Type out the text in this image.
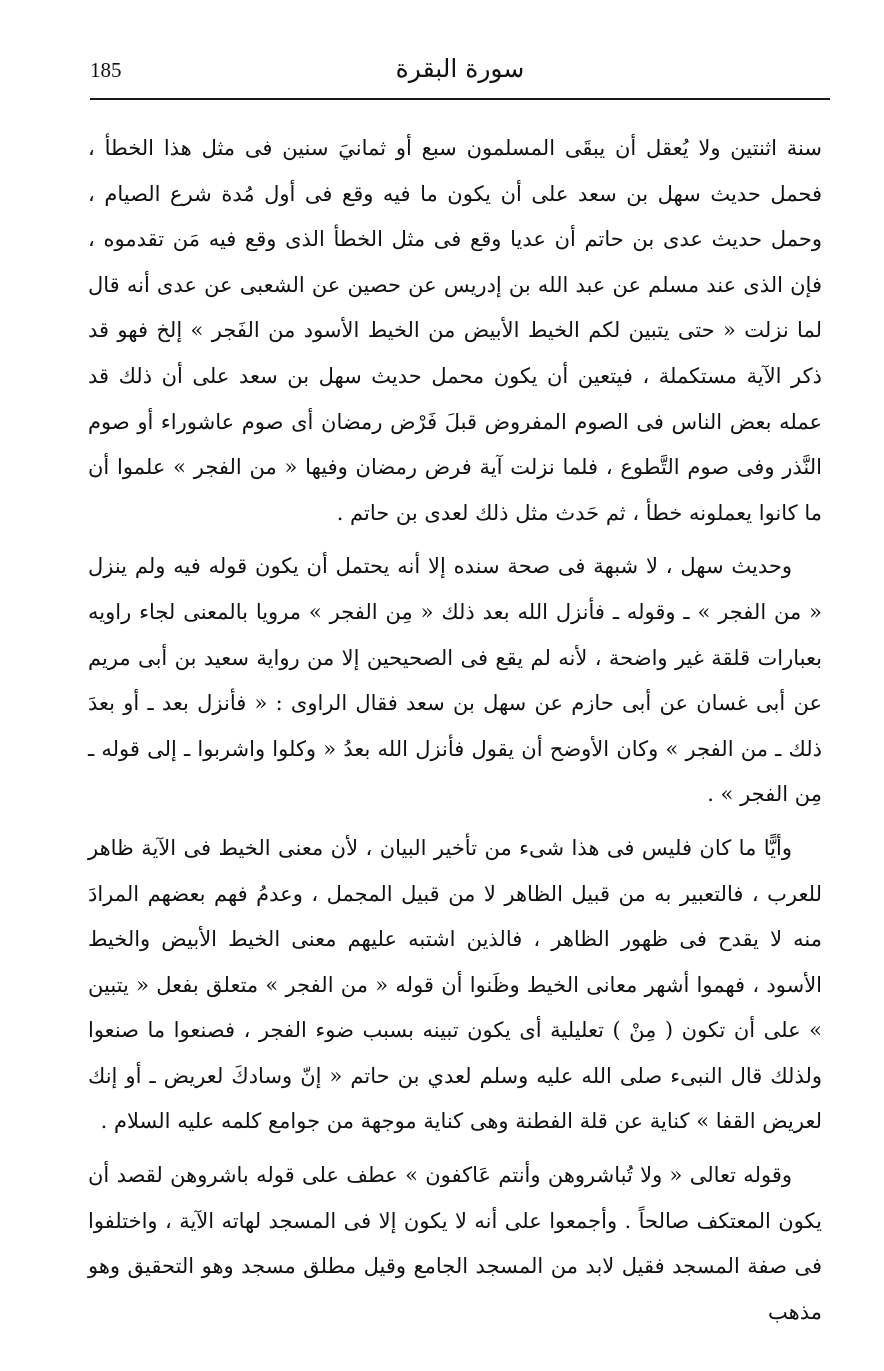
185	سورة البقرة

سنة اثنتين ولا يُعقل أن يبقَى المسلمون سبع أو ثمانيَ سنين فى مثل هذا الخطأ ، فحمل حديث سهل بن سعد على أن يكون ما فيه وقع فى أول مُدة شرع الصيام ، وحمل حديث عدى بن حاتم أن عديا وقع فى مثل الخطأ الذى وقع فيه مَن تقدموه ، فإن الذى عند مسلم عن عبد الله بن إدريس عن حصين عن الشعبى عن عدى أنه قال لما نزلت « حتى يتبين لكم الخيط الأبيض من الخيط الأسود من الفَجر » إلخ فهو قد ذكر الآية مستكملة ، فيتعين أن يكون محمل حديث سهل بن سعد على أن ذلك قد عمله بعض الناس فى الصوم المفروض قبلَ فَرْض رمضان أى صوم عاشوراء أو صوم النَّذر وفى صوم التَّطوع ، فلما نزلت آية فرض رمضان وفيها « من الفجر » علموا أن ما كانوا يعملونه خطأ ، ثم حَدث مثل ذلك لعدى بن حاتم .

وحديث سهل ، لا شبهة فى صحة سنده إلا أنه يحتمل أن يكون قوله فيه ولم ينزل « من الفجر » ـ وقوله ـ فأنزل الله بعد ذلك « مِن الفجر » مرويا بالمعنى لجاء راويه بعبارات قلقة غير واضحة ، لأنه لم يقع فى الصحيحين إلا من رواية سعيد بن أبى مريم عن أبى غسان عن أبى حازم عن سهل بن سعد فقال الراوى : « فأنزل بعد ـ أو بعدَ ذلك ـ من الفجر » وكان الأوضح أن يقول فأنزل الله بعدُ « وكلوا واشربوا ـ إلى قوله ـ مِن الفجر » .

وأيًّا ما كان فليس فى هذا شىء من تأخير البيان ، لأن معنى الخيط فى الآية ظاهر للعرب ، فالتعبير به من قبيل الظاهر لا من قبيل المجمل ، وعدمُ فهم بعضهم المرادَ منه لا يقدح فى ظهور الظاهر ، فالذين اشتبه عليهم معنى الخيط الأبيض والخيط الأسود ، فهموا أشهر معانى الخيط وظَنوا أن قوله « من الفجر » متعلق بفعل « يتبين » على أن تكون ( مِنْ ) تعليلية أى يكون تبينه بسبب ضوء الفجر ، فصنعوا ما صنعوا ولذلك قال النبىء صلى الله عليه وسلم لعدي بن حاتم « إنّ وسادكَ لعريض ـ أو إنك لعريض القفا » كناية عن قلة الفطنة وهى كناية موجهة من جوامع كلمه عليه السلام .

وقوله تعالى « ولا تُباشروهن وأنتم عَاكفون » عطف على قوله باشروهن لقصد أن يكون المعتكف صالحاً . وأجمعوا على أنه لا يكون إلا فى المسجد لهاته الآية ، واختلفوا فى صفة المسجد فقيل لابد من المسجد الجامع وقيل مطلق مسجد وهو التحقيق وهو مذهب
